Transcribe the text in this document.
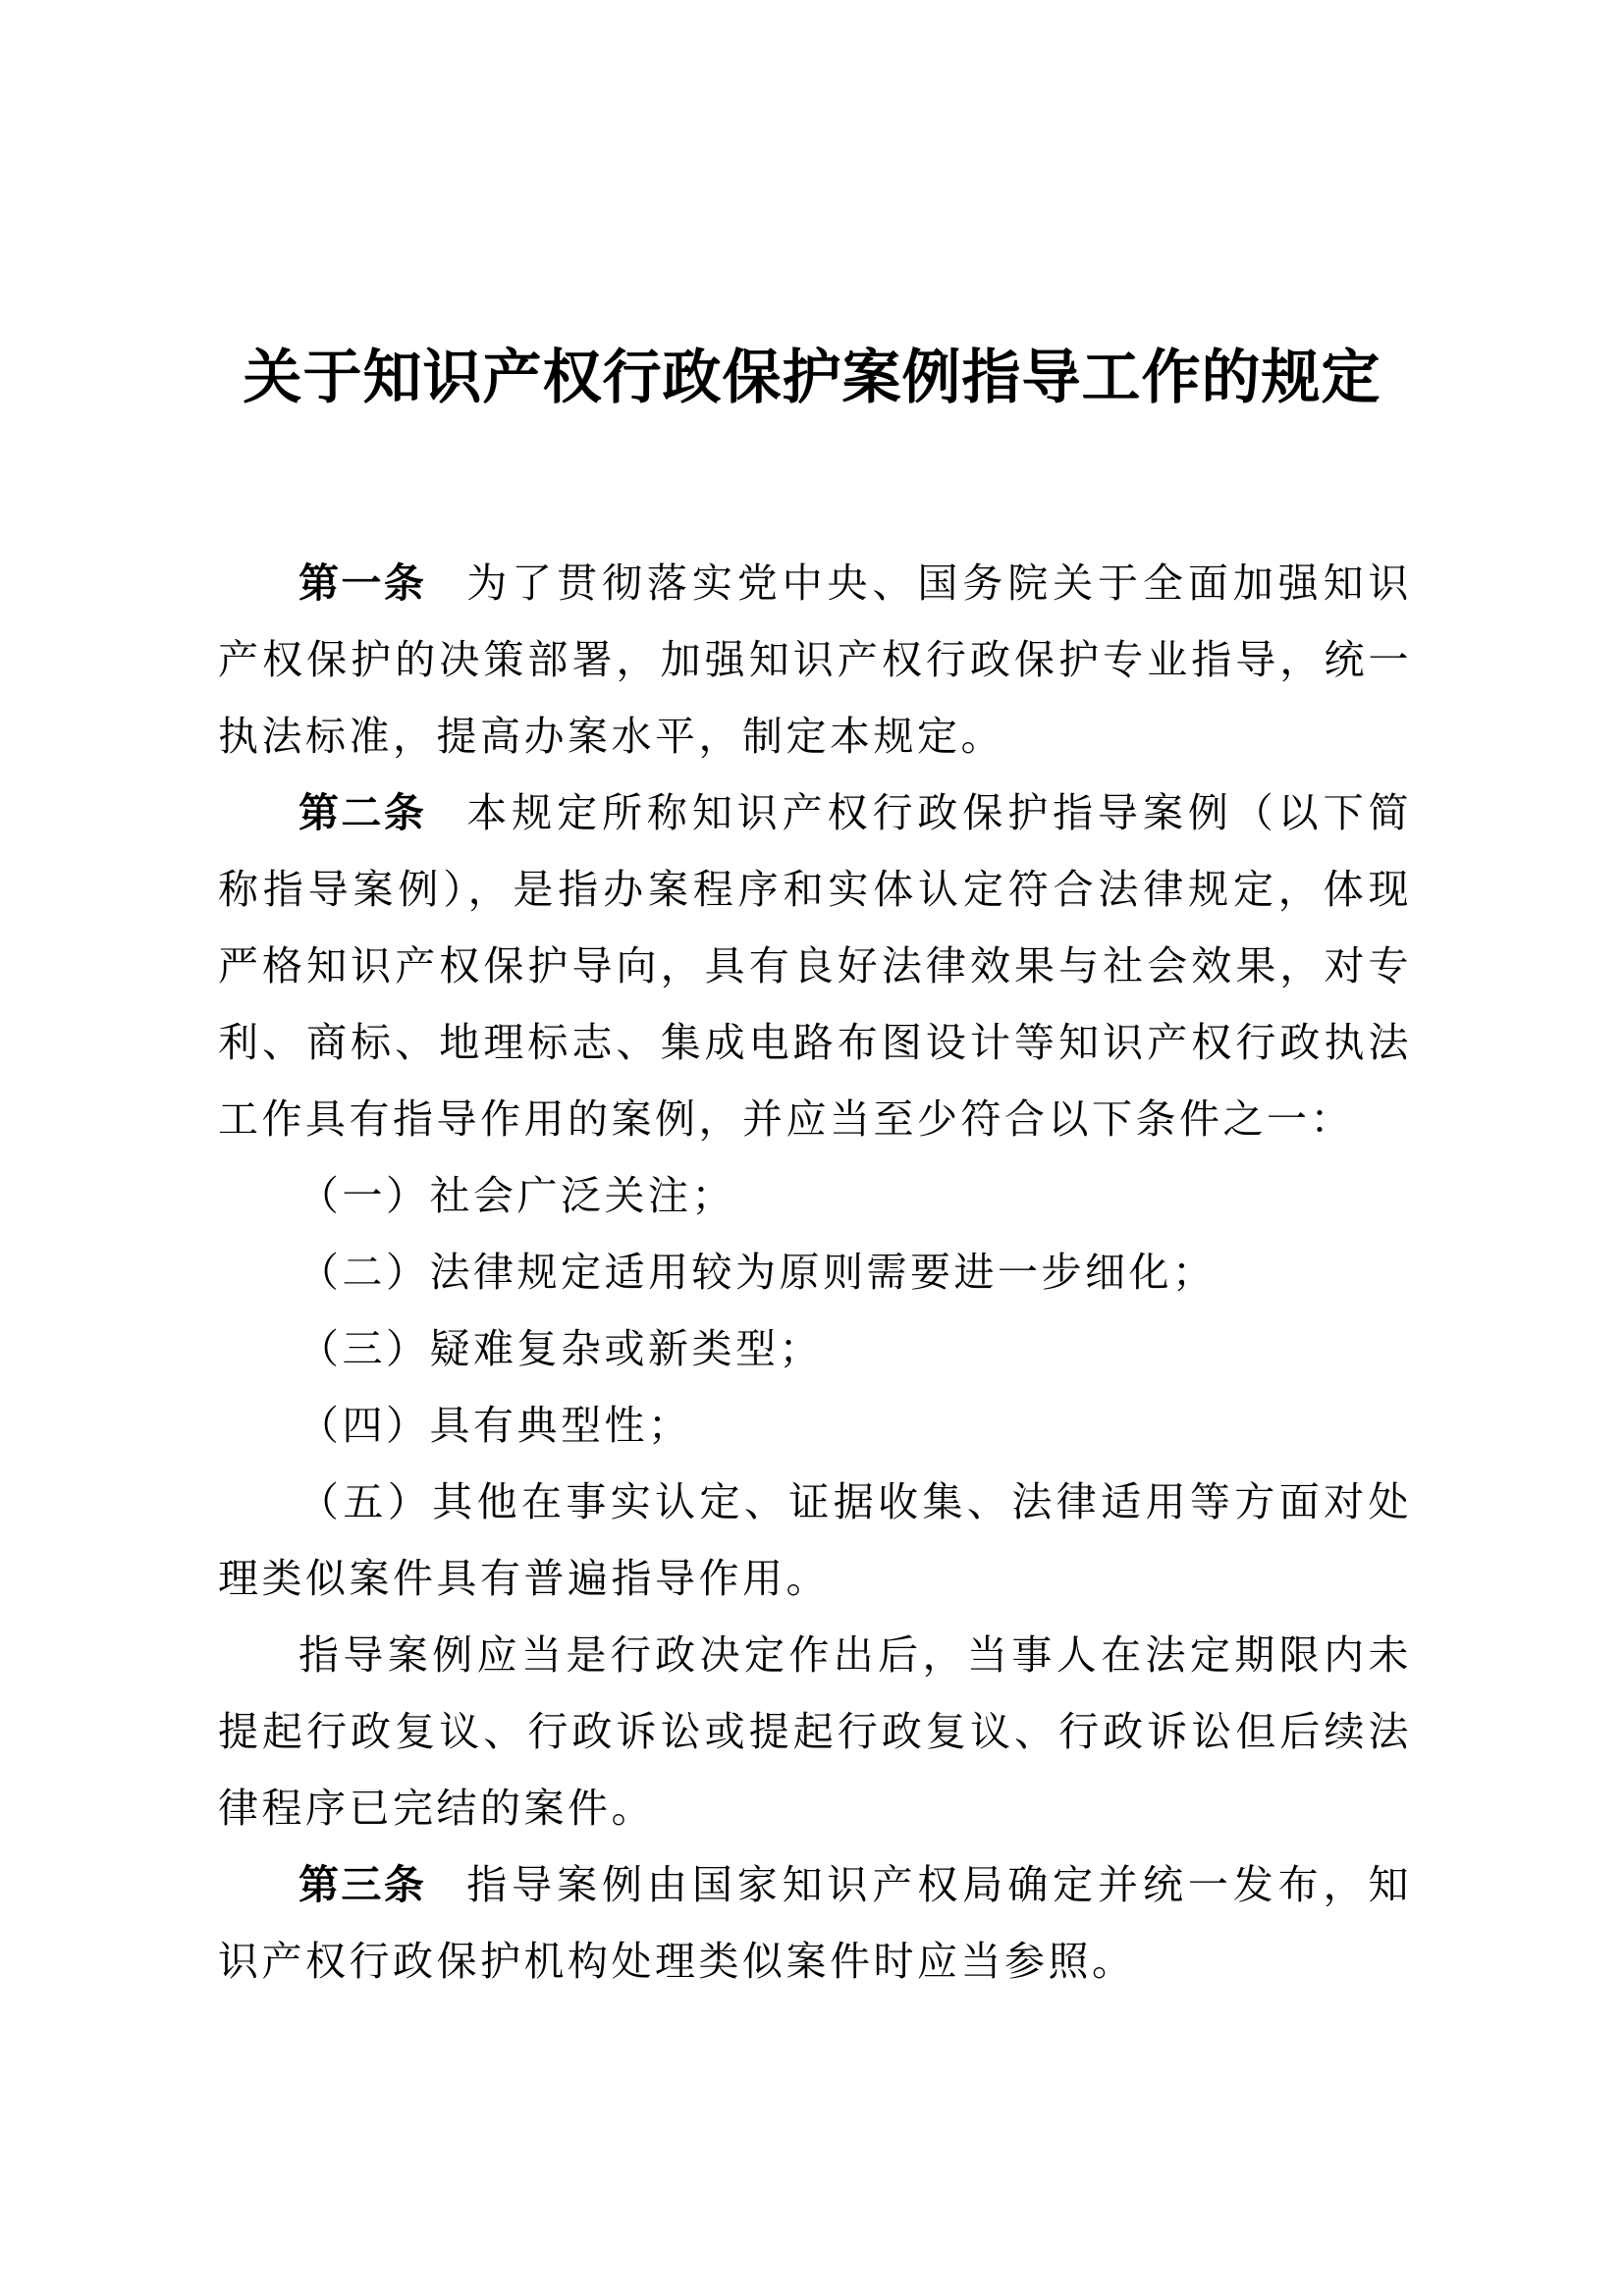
关于知识产权行政保护案例指导工作的规定

第一条 为了贯彻落实党中央、国务院关于全面加强知识产权保护的决策部署，加强知识产权行政保护专业指导，统一执法标准，提高办案水平，制定本规定。

第二条 本规定所称知识产权行政保护指导案例（以下简称指导案例），是指办案程序和实体认定符合法律规定，体现严格知识产权保护导向，具有良好法律效果与社会效果，对专利、商标、地理标志、集成电路布图设计等知识产权行政执法工作具有指导作用的案例，并应当至少符合以下条件之一：

（一）社会广泛关注；

（二）法律规定适用较为原则需要进一步细化；

（三）疑难复杂或新类型；

（四）具有典型性；

（五）其他在事实认定、证据收集、法律适用等方面对处理类似案件具有普遍指导作用。

指导案例应当是行政决定作出后，当事人在法定期限内未提起行政复议、行政诉讼或提起行政复议、行政诉讼但后续法律程序已完结的案件。

第三条 指导案例由国家知识产权局确定并统一发布，知识产权行政保护机构处理类似案件时应当参照。
